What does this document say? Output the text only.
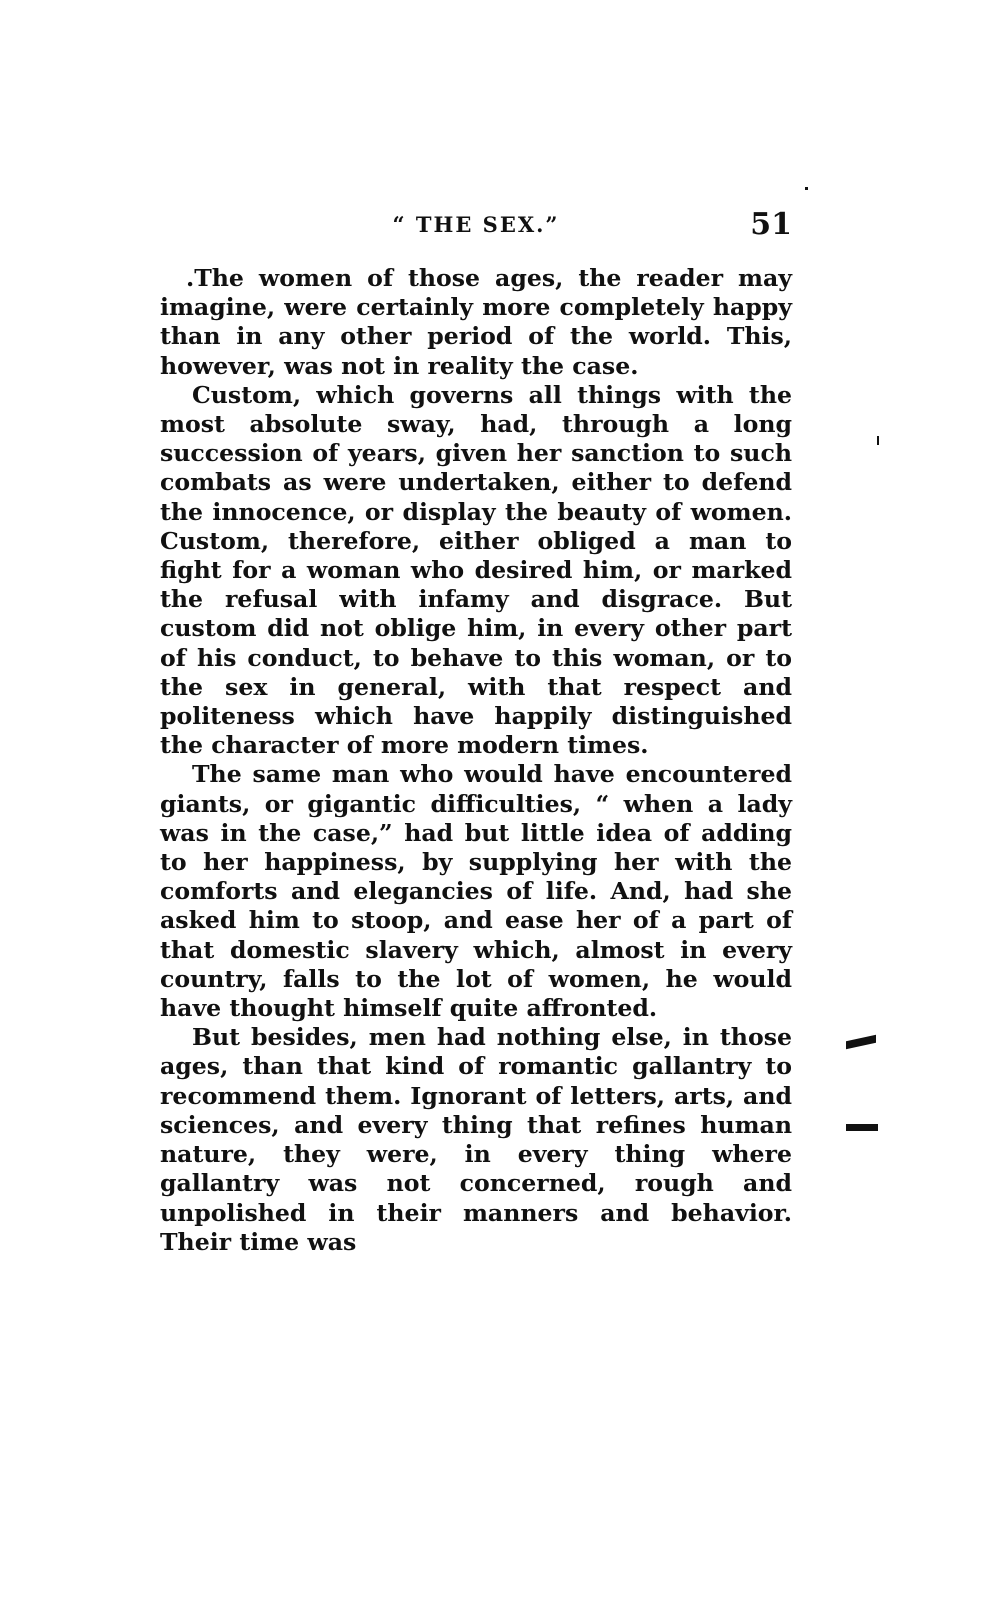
“ THE SEX.”	51

.The women of those ages, the reader may imagine, were certainly more completely happy than in any other period of the world. This, however, was not in reality the case.

Custom, which governs all things with the most absolute sway, had, through a long succession of years, given her sanction to such combats as were undertaken, either to defend the innocence, or display the beauty of women. Custom, therefore, either obliged a man to fight for a woman who desired him, or marked the refusal with infamy and disgrace. But custom did not oblige him, in every other part of his conduct, to behave to this woman, or to the sex in general, with that respect and politeness which have happily distinguished the character of more modern times.

The same man who would have encountered giants, or gigantic difficulties, “ when a lady was in the case,” had but little idea of adding to her happiness, by supplying her with the comforts and elegancies of life. And, had she asked him to stoop, and ease her of a part of that domestic slavery which, almost in every country, falls to the lot of women, he would have thought himself quite affronted.

But besides, men had nothing else, in those ages, than that kind of romantic gallantry to recommend them. Ignorant of letters, arts, and sciences, and every thing that refines human nature, they were, in every thing where gallantry was not concerned, rough and unpolished in their manners and behavior. Their time was
